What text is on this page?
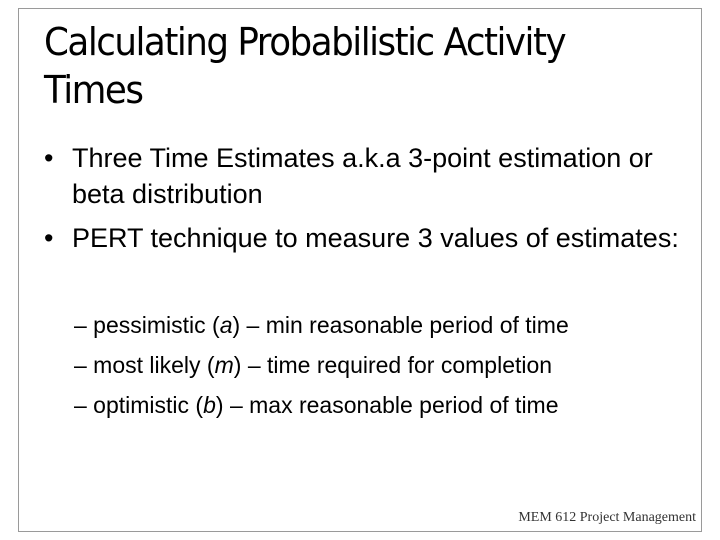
Calculating Probabilistic Activity
Times
• Three Time Estimates a.k.a 3-point estimation or beta distribution
• PERT technique to measure 3 values of estimates:
– pessimistic (a) – min reasonable period of time
– most likely (m) – time required for completion
– optimistic (b) – max reasonable period of time
MEM 612 Project Management
